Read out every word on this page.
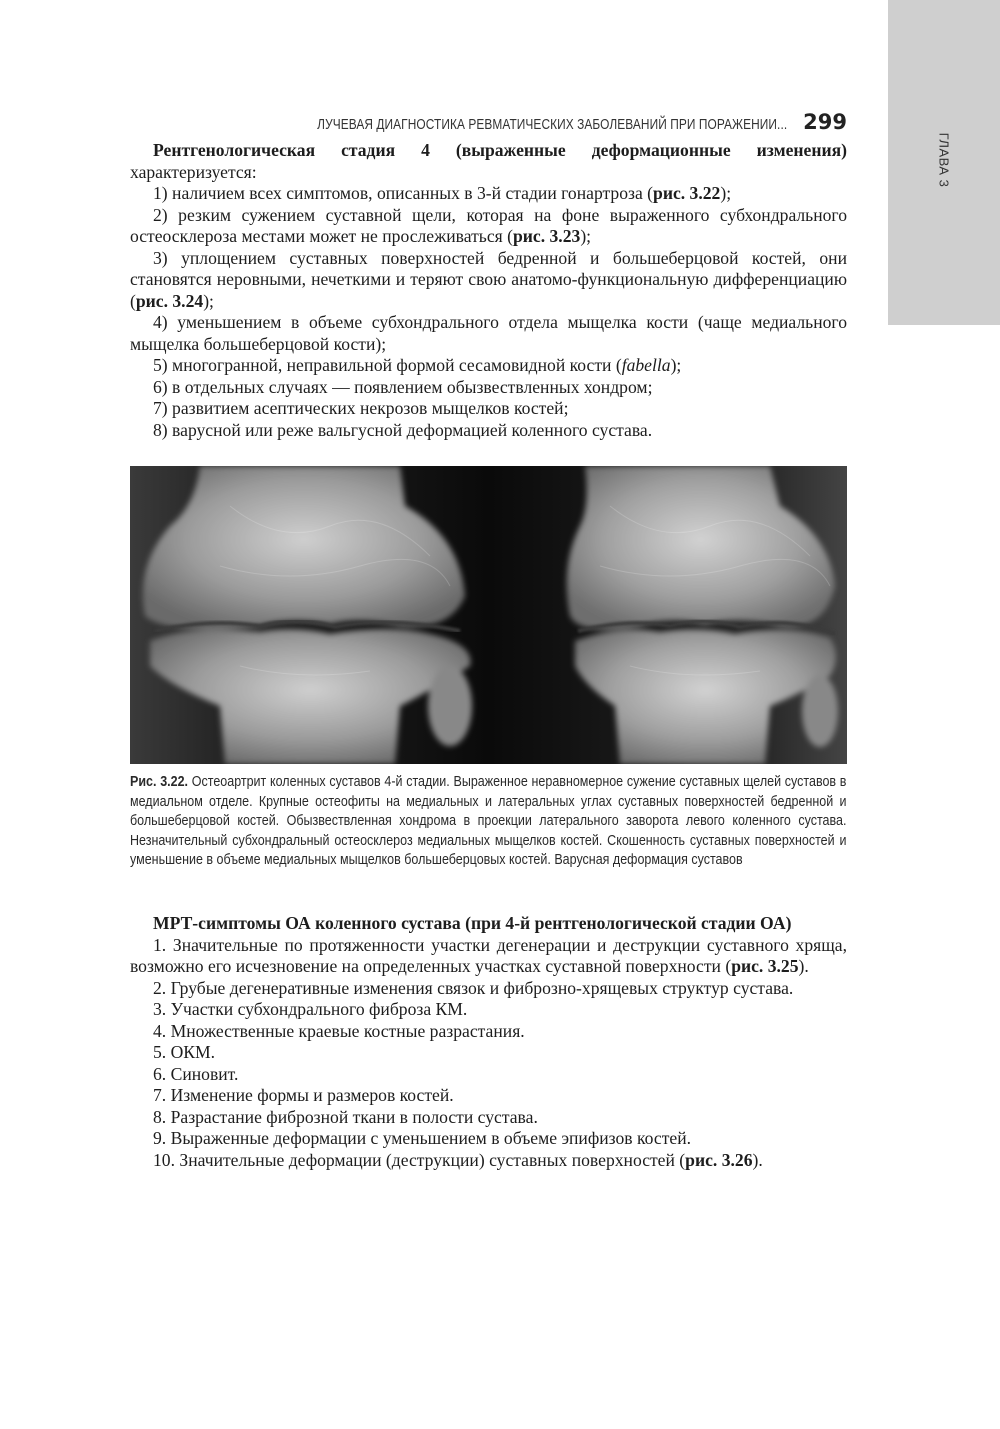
ЛУЧЕВАЯ ДИАГНОСТИКА РЕВМАТИЧЕСКИХ ЗАБОЛЕВАНИЙ ПРИ ПОРАЖЕНИИ... 299
ГЛАВА 3

Рентгенологическая стадия 4 (выраженные деформационные изменения) характеризуется:

1) наличием всех симптомов, описанных в 3-й стадии гонартроза (рис. 3.22);

2) резким сужением суставной щели, которая на фоне выраженного субхондрального остеосклероза местами может не прослеживаться (рис. 3.23);

3) уплощением суставных поверхностей бедренной и большеберцовой костей, они становятся неровными, нечеткими и теряют свою анатомо-функциональную дифференциацию (рис. 3.24);

4) уменьшением в объеме субхондрального отдела мыщелка кости (чаще медиального мыщелка большеберцовой кости);

5) многогранной, неправильной формой сесамовидной кости (fabella);

6) в отдельных случаях — появлением обызвествленных хондром;

7) развитием асептических некрозов мыщелков костей;

8) варусной или реже вальгусной деформацией коленного сустава.

Рис. 3.22. Остеоартрит коленных суставов 4-й стадии. Выраженное неравномерное сужение суставных щелей суставов в медиальном отделе. Крупные остеофиты на медиальных и латеральных углах суставных поверхностей бедренной и большеберцовой костей. Обызвествленная хондрома в проекции латерального заворота левого коленного сустава. Незначительный субхондральный остеосклероз медиальных мыщелков костей. Скошенность суставных поверхностей и уменьшение в объеме медиальных мыщелков большеберцовых костей. Варусная деформация суставов

МРТ-симптомы ОА коленного сустава (при 4-й рентгенологической стадии ОА)

1. Значительные по протяженности участки дегенерации и деструкции суставного хряща, возможно его исчезновение на определенных участках суставной поверхности (рис. 3.25).

2. Грубые дегенеративные изменения связок и фиброзно-хрящевых структур сустава.

3. Участки субхондрального фиброза КМ.

4. Множественные краевые костные разрастания.

5. ОКМ.

6. Синовит.

7. Изменение формы и размеров костей.

8. Разрастание фиброзной ткани в полости сустава.

9. Выраженные деформации с уменьшением в объеме эпифизов костей.

10. Значительные деформации (деструкции) суставных поверхностей (рис. 3.26).
